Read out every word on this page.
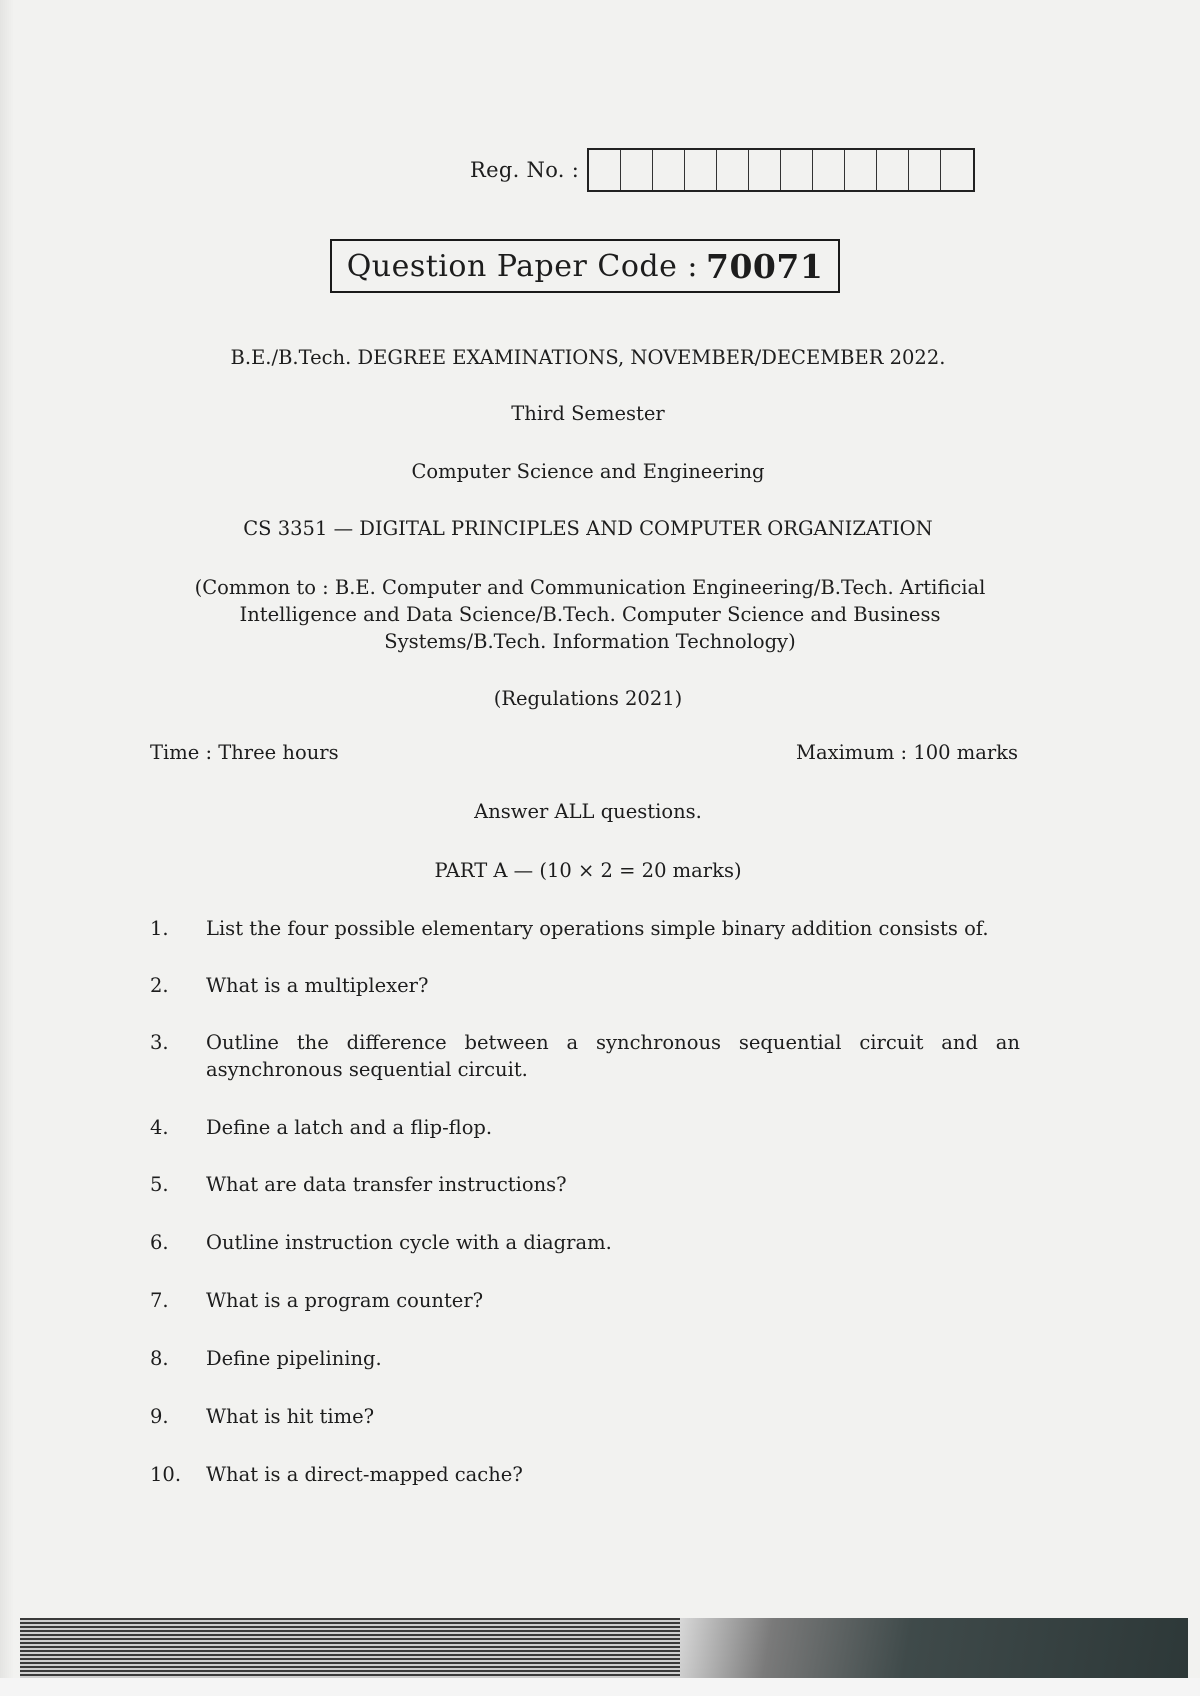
Reg. No. :
Question Paper Code : 70071
B.E./B.Tech. DEGREE EXAMINATIONS, NOVEMBER/DECEMBER 2022.
Third Semester
Computer Science and Engineering
CS 3351 — DIGITAL PRINCIPLES AND COMPUTER ORGANIZATION
(Common to : B.E. Computer and Communication Engineering/B.Tech. Artificial
Intelligence and Data Science/B.Tech. Computer Science and Business
Systems/B.Tech. Information Technology)
(Regulations 2021)
Time : Three hours	Maximum : 100 marks
Answer ALL questions.
PART A — (10 × 2 = 20 marks)
1.	List the four possible elementary operations simple binary addition consists of.
2.	What is a multiplexer?
3.	Outline the difference between a synchronous sequential circuit and an asynchronous sequential circuit.
4.	Define a latch and a flip-flop.
5.	What are data transfer instructions?
6.	Outline instruction cycle with a diagram.
7.	What is a program counter?
8.	Define pipelining.
9.	What is hit time?
10.	What is a direct-mapped cache?
